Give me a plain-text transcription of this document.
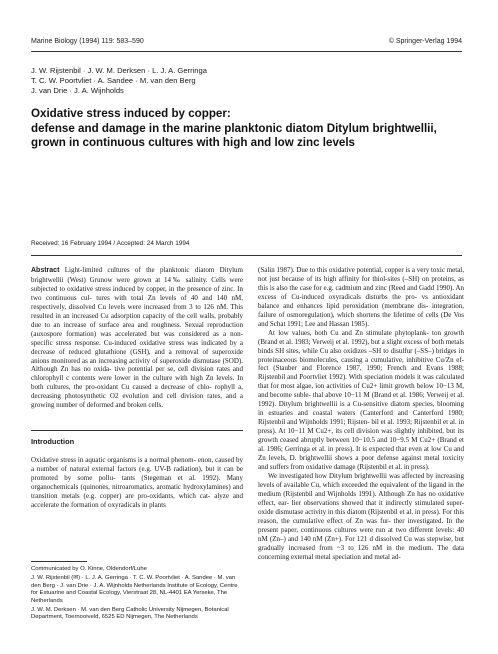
Marine Biology (1994) 119: 583–590	© Springer-Verlag 1994
J. W. Rijstenbil · J. W. M. Derksen · L. J. A. Gerringa
T. C. W. Poortvliet · A. Sandee · M. van den Berg
J. van Drie · J. A. Wijnholds
Oxidative stress induced by copper:
defense and damage in the marine planktonic diatom Ditylum brightwellii,
grown in continuous cultures with high and low zinc levels
Received: 16 February 1994 / Accepted: 24 March 1994

Abstract Light-limited cultures of the planktonic diatom Ditylum brightwellii (West) Grunow were grown at 14‰ salinity. Cells were subjected to oxidative stress induced by copper, in the presence of zinc. In two continuous cul- tures with total Zn levels of 40 and 140 nM, respectively, dissolved Cu levels were increased from 3 to 126 nM. This resulted in an increased Cu adsorption capacity of the cell walls, probably due to an increase of surface area and roughness. Sexual reproduction (auxospore formation) was accelerated but was considered as a non-specific stress response. Cu-induced oxidative stress was indicated by a decrease of reduced glutathione (GSH), and a removal of superoxide anions monitored as an increasing activity of superoxide dismutase (SOD). Although Zn has no oxida- tive potential per se, cell division rates and chlorophyll c contents were lower in the culture with high Zn levels. In both cultures, the pro-oxidant Cu caused a decrease of chlo- rophyll a, decreasing photosynthetic O2 evolution and cell division rates, and a growing number of deformed and broken cells.

Introduction

Oxidative stress in aquatic organisms is a normal phenom- enon, caused by a number of natural external factors (e.g. UV-B radiation), but it can be promoted by some pollu- tants (Stegeman et al. 1992). Many organochemicals (quinones, nitroaromatics, aromatic hydroxylamines) and transition metals (e.g. copper) are pro-oxidants, which cat- alyze and accelerate the formation of oxyradicals in plants

Communicated by O. Kinne, Oldendorf/Luhe

J. W. Rijstenbil (✉) · L. J. A. Gerringa · T. C. W. Poortvliet · A. Sandee · M. van den Berg · J. van Drie · J. A. Wijnholds Netherlands Institute of Ecology, Centre for Estuarine and Coastal Ecology, Vierstraat 28, NL-4401 EA Yerseke, The Netherlands

J. W. M. Derksen · M. van den Berg Catholic University Nijmegen, Botanical Department, Toernooiveld, 6525 ED Nijmegen, The Netherlands

(Salin 1987). Due to this oxidative potential, copper is a very toxic metal, not just because of its high affinity for thiol-sites (–SH) on proteins, as this is also the case for e.g. cadmium and zinc (Reed and Gadd 1990). An excess of Cu-induced oxyradicals disturbs the pro- vs antioxidant balance and enhances lipid peroxidation (membrane dis- integration, failure of osmoregulation), which shortens the lifetime of cells (De Vos and Schat 1991; Lee and Hassan 1985).

At low values, both Cu and Zn stimulate phytoplank- ton growth (Brand et al. 1983; Verweij et al. 1992), but a slight excess of both metals binds SH sites, while Cu also oxidizes –SH to disulfur (–SS–) bridges in proteinaceous biomolecules, causing a cumulative, inhibitive Cu/Zn ef- fect (Stauber and Florence 1987, 1990; French and Evans 1988; Rijstenbil and Poortvliet 1992). With speciation models it was calculated that for most algae, ion activities of Cu2+ limit growth below 10−13 M, and become suble- thal above 10−11 M (Brand et al. 1986; Verweij et al. 1992). Ditylum brightwellii is a Cu-sensitive diatom species, blooming in estuaries and coastal waters (Canterford and Canterford 1980; Rijstenbil and Wijnholds 1991; Rijsten- bil et al. 1993; Rijstenbil et al. in press). At 10−11 M Cu2+, its cell division was slightly inhibited, but its growth ceased abruptly between 10−10.5 and 10−9.5 M Cu2+ (Brand et al. 1986; Gerringa et al. in press). It is expected that even at low Cu and Zn levels, D. brightwellii shows a poor defense against metal toxicity and suffers from oxidative damage (Rijstenbil et al. in press).

We investigated how Ditylum brightwellii was affected by increasing levels of available Cu, which exceeded the equivalent of the ligand in the medium (Rijstenbil and Wijnholds 1991). Although Zn has no oxidative effect, ear- lier observations showed that it indirectly stimulated super- oxide dismutase activity in this diatom (Rijstenbil et al. in press). For this reason, the cumulative effect of Zn was fur- ther investigated. In the present paper, continuous cultures were run at two different levels: 40 nM (Zn–) and 140 nM (Zn+). For 121 d dissolved Cu was stepwise, but gradually increased from ~3 to 126 nM in the medium. The data concerning external metal speciation and metal ad-
